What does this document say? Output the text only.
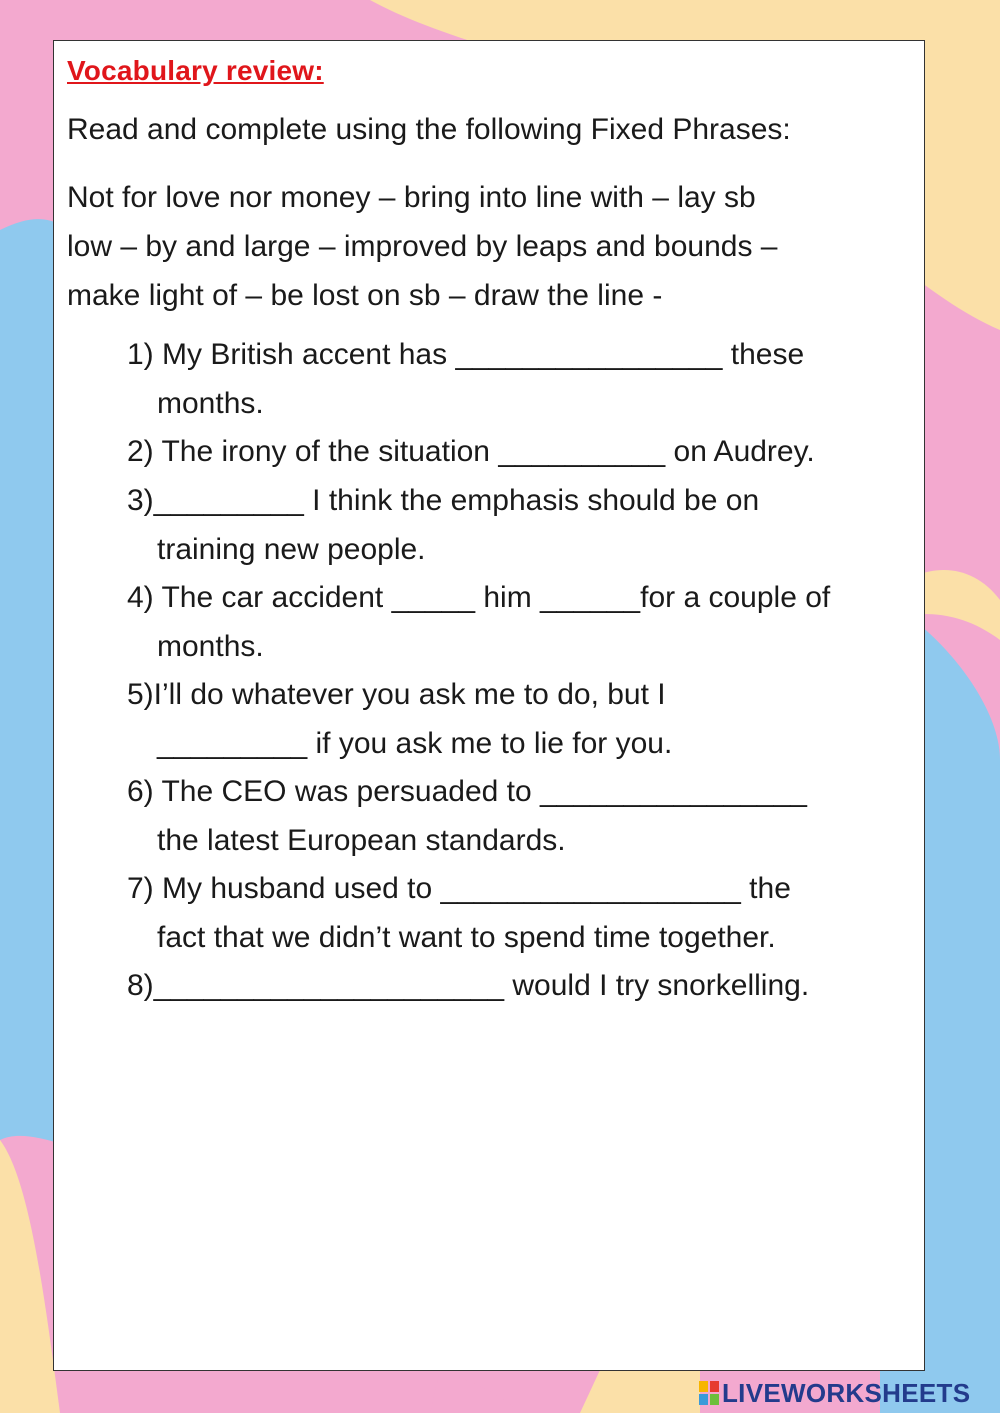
Vocabulary review:
Read and complete using the following Fixed Phrases:
Not for love nor money – bring into line with – lay sb
low – by and large – improved by leaps and bounds –
make light of – be lost on sb – draw the line -
1) My British accent has ________________ these
months.
2) The irony of the situation __________ on Audrey.
3)_________ I think the emphasis should be on
training new people.
4) The car accident _____ him ______for a couple of
months.
5)I’ll do whatever you ask me to do, but I
_________ if you ask me to lie for you.
6) The CEO was persuaded to ________________
the latest European standards.
7) My husband used to __________________ the
fact that we didn’t want to spend time together.
8)_____________________ would I try snorkelling.
LIVEWORKSHEETS
